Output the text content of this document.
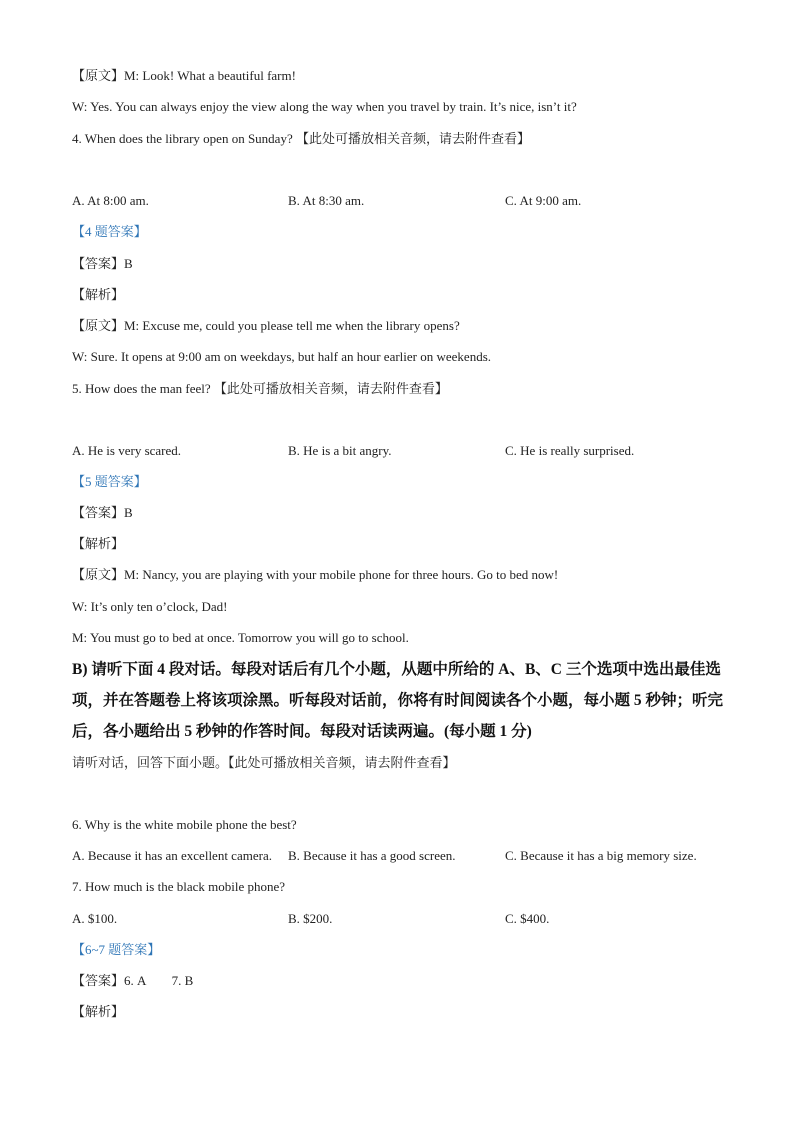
【原文】M: Look! What a beautiful farm!
W: Yes. You can always enjoy the view along the way when you travel by train. It’s nice, isn’t it?
4. When does the library open on Sunday? 【此处可播放相关音频，请去附件查看】
A. At 8:00 am.	B. At 8:30 am.	C. At 9:00 am.
【4 题答案】
【答案】B
【解析】
【原文】M: Excuse me, could you please tell me when the library opens?
W: Sure. It opens at 9:00 am on weekdays, but half an hour earlier on weekends.
5. How does the man feel? 【此处可播放相关音频，请去附件查看】
A. He is very scared.	B. He is a bit angry.	C. He is really surprised.
【5 题答案】
【答案】B
【解析】
【原文】M: Nancy, you are playing with your mobile phone for three hours. Go to bed now!
W: It’s only ten o’clock, Dad!
M: You must go to bed at once. Tomorrow you will go to school.
B) 请听下面 4 段对话。每段对话后有几个小题，从题中所给的 A、B、C 三个选项中选出最佳选项，并在答题卷上将该项涂黑。听每段对话前，你将有时间阅读各个小题，每小题 5 秒钟；听完后，各小题给出 5 秒钟的作答时间。每段对话读两遍。(每小题 1 分)
请听对话，回答下面小题。【此处可播放相关音频，请去附件查看】
6. Why is the white mobile phone the best?
A. Because it has an excellent camera. B. Because it has a good screen.	C. Because it has a big memory size.
7. How much is the black mobile phone?
A. $100.	B. $200.	C. $400.
【6~7 题答案】
【答案】6. A        7. B
【解析】
